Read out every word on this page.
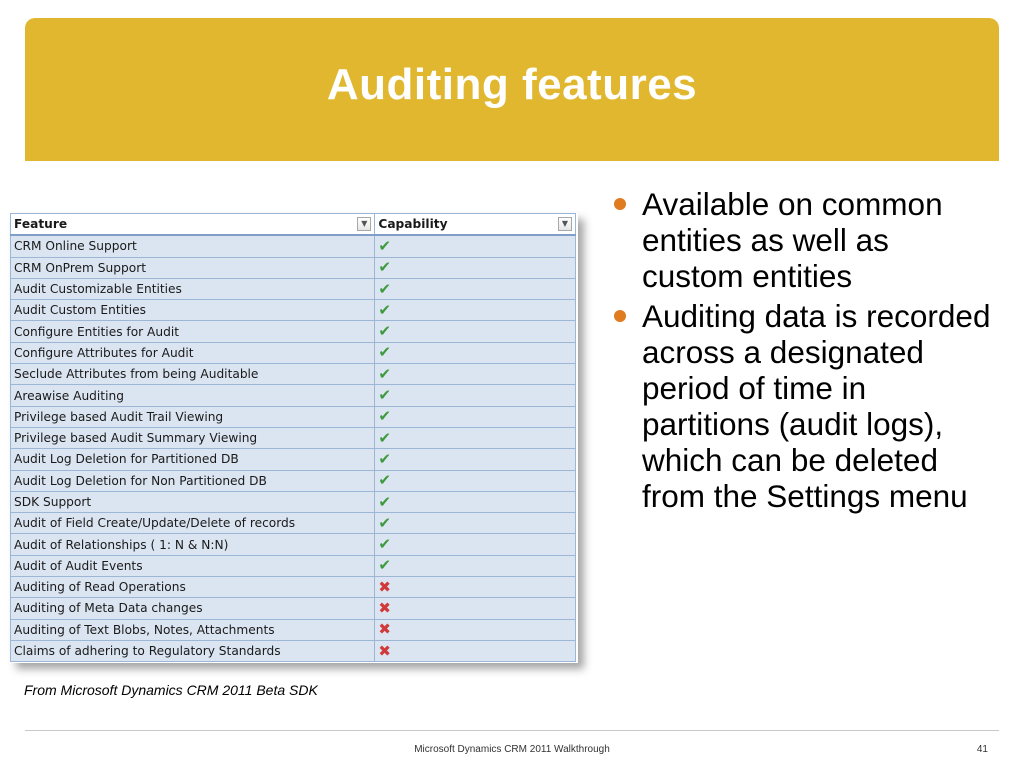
Auditing features
Feature ▼	Capability ▼

CRM Online Support	✔
CRM OnPrem Support	✔
Audit Customizable Entities	✔
Audit Custom Entities	✔
Configure Entities for Audit	✔
Configure Attributes for Audit	✔
Seclude Attributes from being Auditable	✔
Areawise Auditing	✔
Privilege based Audit Trail Viewing	✔
Privilege based Audit Summary Viewing	✔
Audit Log Deletion for Partitioned DB	✔
Audit Log Deletion for Non Partitioned DB	✔
SDK Support	✔
Audit of Field Create/Update/Delete of records	✔
Audit of Relationships ( 1: N & N:N)	✔
Audit of Audit Events	✔
Auditing of Read Operations	✖
Auditing of Meta Data changes	✖
Auditing of Text Blobs, Notes, Attachments	✖
Claims of adhering to Regulatory Standards	✖
From Microsoft Dynamics CRM 2011 Beta SDK
Available on common entities as well as custom entities
Auditing data is recorded across a designated period of time in partitions (audit logs), which can be deleted from the Settings menu
Microsoft Dynamics CRM 2011 Walkthrough	41
